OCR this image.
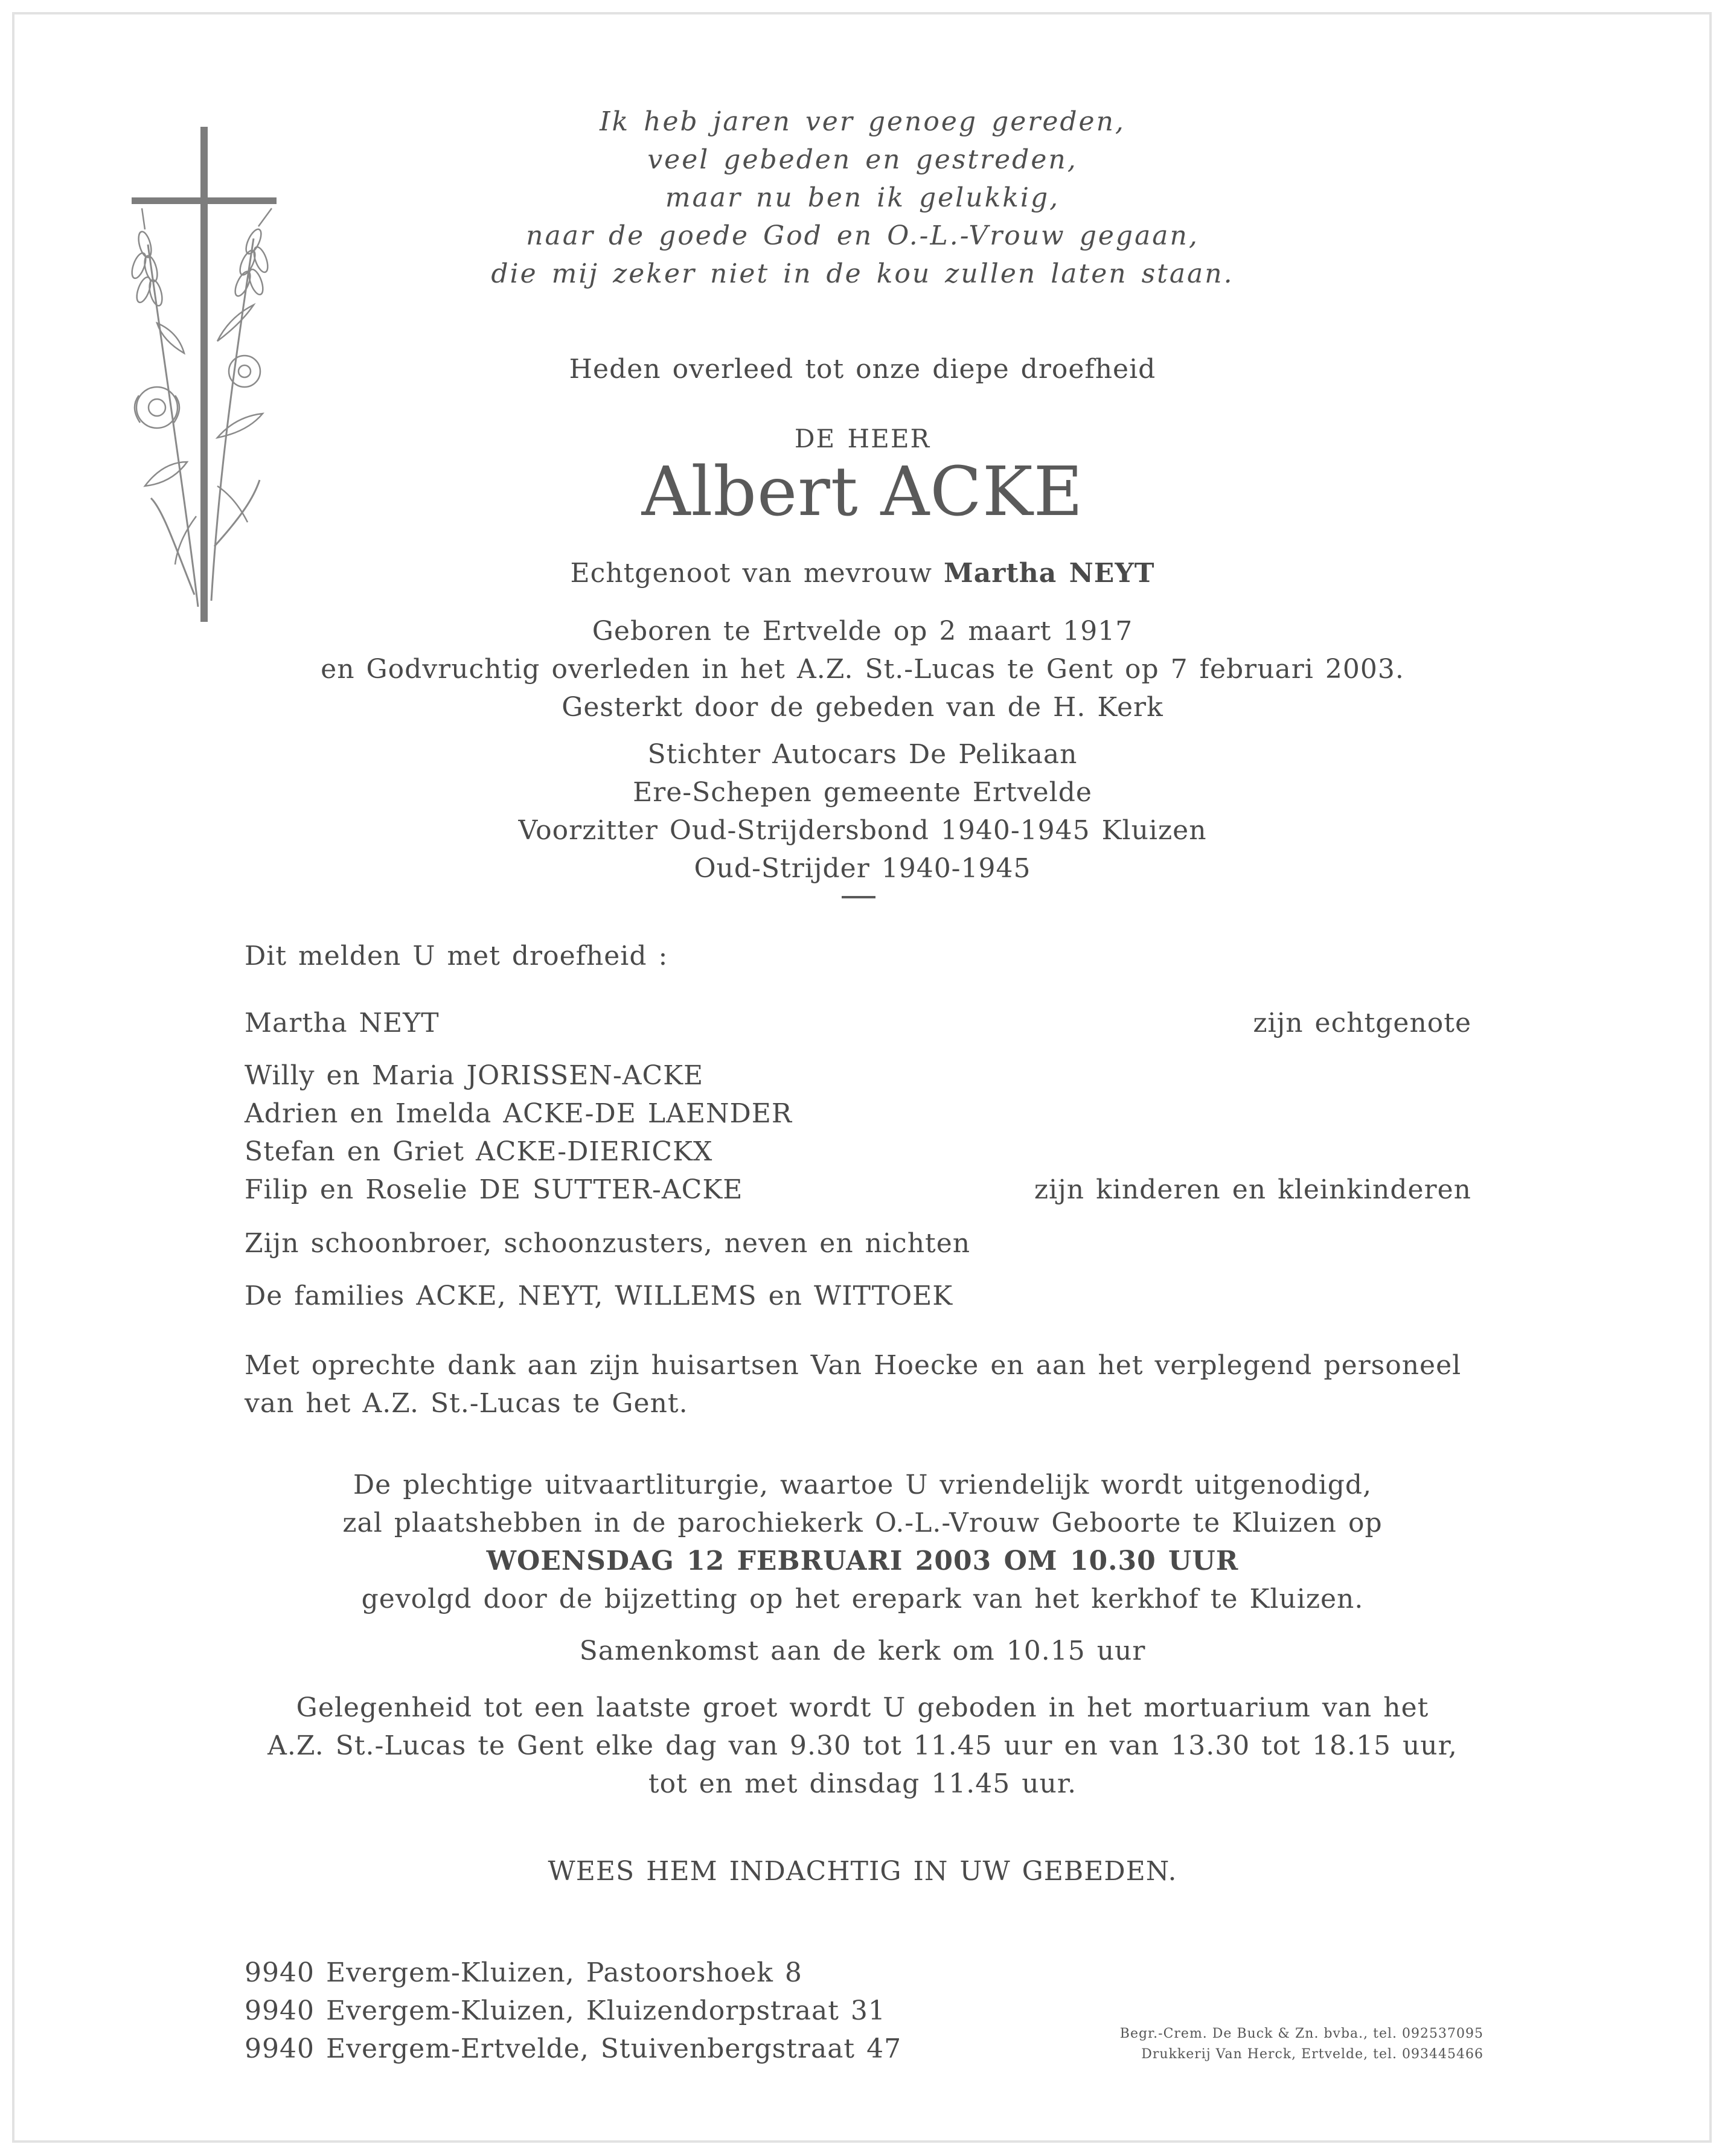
Ik heb jaren ver genoeg gereden,
veel gebeden en gestreden,
maar nu ben ik gelukkig,
naar de goede God en O.-L.-Vrouw gegaan,
die mij zeker niet in de kou zullen laten staan.
Heden overleed tot onze diepe droefheid
DE HEER
Albert ACKE
Echtgenoot van mevrouw Martha NEYT
Geboren te Ertvelde op 2 maart 1917
en Godvruchtig overleden in het A.Z. St.-Lucas te Gent op 7 februari 2003.
Gesterkt door de gebeden van de H. Kerk
Stichter Autocars De Pelikaan
Ere-Schepen gemeente Ertvelde
Voorzitter Oud-Strijdersbond 1940-1945 Kluizen
Oud-Strijder 1940-1945
Dit melden U met droefheid :
Martha NEYT	zijn echtgenote
Willy en Maria JORISSEN-ACKE
Adrien en Imelda ACKE-DE LAENDER
Stefan en Griet ACKE-DIERICKX
Filip en Roselie DE SUTTER-ACKE	zijn kinderen en kleinkinderen
Zijn schoonbroer, schoonzusters, neven en nichten
De families ACKE, NEYT, WILLEMS en WITTOEK
Met oprechte dank aan zijn huisartsen Van Hoecke en aan het verplegend personeel
van het A.Z. St.-Lucas te Gent.
De plechtige uitvaartliturgie, waartoe U vriendelijk wordt uitgenodigd,
zal plaatshebben in de parochiekerk O.-L.-Vrouw Geboorte te Kluizen op
WOENSDAG 12 FEBRUARI 2003 OM 10.30 UUR
gevolgd door de bijzetting op het erepark van het kerkhof te Kluizen.
Samenkomst aan de kerk om 10.15 uur
Gelegenheid tot een laatste groet wordt U geboden in het mortuarium van het
A.Z. St.-Lucas te Gent elke dag van 9.30 tot 11.45 uur en van 13.30 tot 18.15 uur,
tot en met dinsdag 11.45 uur.
WEES HEM INDACHTIG IN UW GEBEDEN.
9940 Evergem-Kluizen, Pastoorshoek 8
9940 Evergem-Kluizen, Kluizendorpstraat 31
9940 Evergem-Ertvelde, Stuivenbergstraat 47	Begr.-Crem. De Buck & Zn. bvba., tel. 092537095
Drukkerij Van Herck, Ertvelde, tel. 093445466
